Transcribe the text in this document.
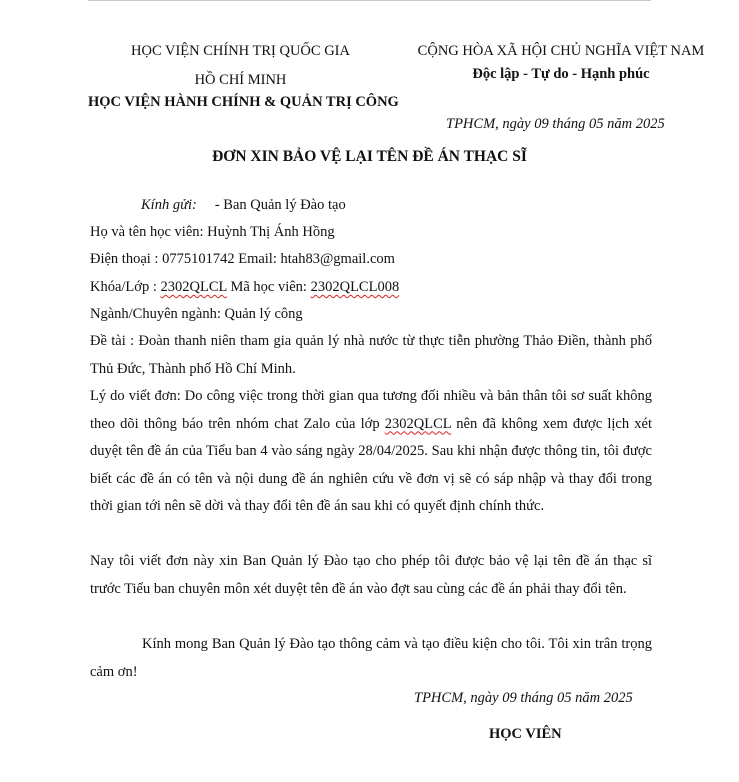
HỌC VIỆN CHÍNH TRỊ QUỐC GIA
HỒ CHÍ MINH
HỌC VIỆN HÀNH CHÍNH & QUẢN TRỊ CÔNG
CỘNG HÒA XÃ HỘI CHỦ NGHĨA VIỆT NAM
Độc lập - Tự do - Hạnh phúc
TPHCM, ngày 09 tháng 05 năm 2025
ĐƠN XIN BẢO VỆ LẠI TÊN ĐỀ ÁN THẠC SĨ
Kính gửi: - Ban Quản lý Đào tạo
Họ và tên học viên: Huỳnh Thị Ánh Hồng
Điện thoại : 0775101742 Email: htah83@gmail.com
Khóa/Lớp : 2302QLCL Mã học viên: 2302QLCL008
Ngành/Chuyên ngành: Quản lý công
Đề tài : Đoàn thanh niên tham gia quản lý nhà nước từ thực tiễn phường Thảo Điền, thành phố Thủ Đức, Thành phố Hồ Chí Minh.
Lý do viết đơn: Do công việc trong thời gian qua tương đối nhiều và bản thân tôi sơ suất không theo dõi thông báo trên nhóm chat Zalo của lớp 2302QLCL nên đã không xem được lịch xét duyệt tên đề án của Tiểu ban 4 vào sáng ngày 28/04/2025. Sau khi nhận được thông tin, tôi được biết các đề án có tên và nội dung đề án nghiên cứu về đơn vị sẽ có sáp nhập và thay đổi trong thời gian tới nên sẽ dời và thay đổi tên đề án sau khi có quyết định chính thức.
Nay tôi viết đơn này xin Ban Quản lý Đào tạo cho phép tôi được bảo vệ lại tên đề án thạc sĩ trước Tiểu ban chuyên môn xét duyệt tên đề án vào đợt sau cùng các đề án phải thay đổi tên.
Kính mong Ban Quản lý Đào tạo thông cảm và tạo điều kiện cho tôi. Tôi xin trân trọng cảm ơn!
TPHCM, ngày 09 tháng 05 năm 2025
HỌC VIÊN
